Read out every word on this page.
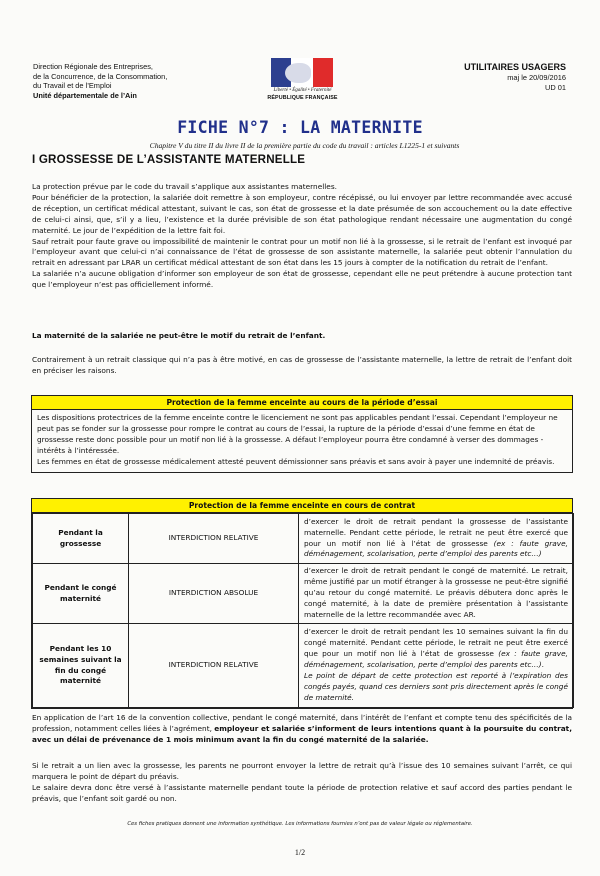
Direction Régionale des Entreprises,
de la Concurrence, de la Consommation,
du Travail et de l’Emploi
Unité départementale de l’Ain
Liberté • Égalité • Fraternité
RÉPUBLIQUE FRANÇAISE
UTILITAIRES USAGERS
maj le 20/09/2016
UD 01
FICHE N°7 : LA MATERNITE
Chapitre V du titre II du livre II de la première partie du code du travail : articles L1225-1 et suivants
I GROSSESSE DE L’ASSISTANTE MATERNELLE

La protection prévue par le code du travail s’applique aux assistantes maternelles.

Pour bénéficier de la protection, la salariée doit remettre à son employeur, contre récépissé, ou lui envoyer par lettre recommandée avec accusé de réception, un certificat médical attestant, suivant le cas, son état de grossesse et la date présumée de son accouchement ou la date effective de celui-ci ainsi, que, s’il y a lieu, l’existence et la durée prévisible de son état pathologique rendant nécessaire une augmentation du congé maternité. Le jour de l’expédition de la lettre fait foi.

Sauf retrait pour faute grave ou impossibilité de maintenir le contrat pour un motif non lié à la grossesse, si le retrait de l’enfant est invoqué par l’employeur avant que celui-ci n’ai connaissance de l’état de grossesse de son assistante maternelle, la salariée peut obtenir l’annulation du retrait en adressant par LRAR un certificat médical attestant de son état dans les 15 jours à compter de la notification du retrait de l’enfant.

La salariée n’a aucune obligation d’informer son employeur de son état de grossesse, cependant elle ne peut prétendre à aucune protection tant que l’employeur n’est pas officiellement informé.

La maternité de la salariée ne peut-être le motif du retrait de l’enfant.
Contrairement à un retrait classique qui n’a pas à être motivé, en cas de grossesse de l’assistante maternelle, la lettre de retrait de l’enfant doit en préciser les raisons.
Protection de la femme enceinte au cours de la période d’essai

Les dispositions protectrices de la femme enceinte contre le licenciement ne sont pas applicables pendant l’essai. Cependant l’employeur ne peut pas se fonder sur la grossesse pour rompre le contrat au cours de l’essai, la rupture de la période d’essai d’une femme en état de grossesse reste donc possible pour un motif non lié à la grossesse. A défaut l’employeur pourra être condamné à verser des dommages -intérêts à l’intéressée.

Les femmes en état de grossesse médicalement attesté peuvent démissionner sans préavis et sans avoir à payer une indemnité de préavis.

Protection de la femme enceinte en cours de contrat
Pendant la grossesse	INTERDICTION RELATIVE	d’exercer le droit de retrait pendant la grossesse de l’assistante maternelle. Pendant cette période, le retrait ne peut être exercé que pour un motif non lié à l’état de grossesse (ex : faute grave, déménagement, scolarisation, perte d’emploi des parents etc…)
Pendant le congé maternité	INTERDICTION ABSOLUE	d’exercer le droit de retrait pendant le congé de maternité. Le retrait, même justifié par un motif étranger à la grossesse ne peut-être signifié qu’au retour du congé maternité. Le préavis débutera donc après le congé maternité, à la date de première présentation à l’assistante maternelle de la lettre recommandée avec AR.
Pendant les 10 semaines suivant la fin du congé maternité	INTERDICTION RELATIVE	d’exercer le droit de retrait pendant les 10 semaines suivant la fin du congé maternité. Pendant cette période, le retrait ne peut être exercé que pour un motif non lié à l’état de grossesse (ex : faute grave, déménagement, scolarisation, perte d’emploi des parents etc…).
Le point de départ de cette protection est reporté à l’expiration des congés payés, quand ces derniers sont pris directement après le congé de maternité.
En application de l’art 16 de la convention collective, pendant le congé maternité, dans l’intérêt de l’enfant et compte tenu des spécificités de la profession, notamment celles liées à l’agrément, employeur et salariée s’informent de leurs intentions quant à la poursuite du contrat, avec un délai de prévenance de 1 mois minimum avant la fin du congé maternité de la salariée.

Si le retrait a un lien avec la grossesse, les parents ne pourront envoyer la lettre de retrait qu’à l’issue des 10 semaines suivant l’arrêt, ce qui marquera le point de départ du préavis.

Le salaire devra donc être versé à l’assistante maternelle pendant toute la période de protection relative et sauf accord des parties pendant le préavis, que l’enfant soit gardé ou non.

Ces fiches pratiques donnent une information synthétique. Les informations fournies n’ont pas de valeur légale ou réglementaire.
1/2
